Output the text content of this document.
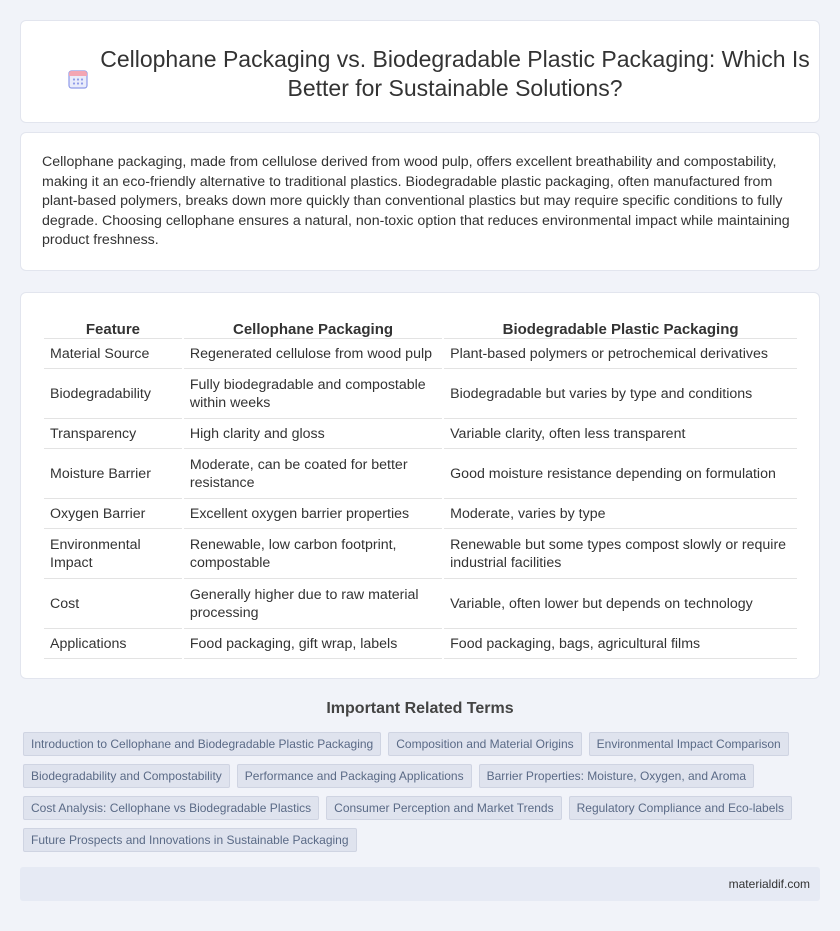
Cellophane Packaging vs. Biodegradable Plastic Packaging: Which Is Better for Sustainable Solutions?

Cellophane packaging, made from cellulose derived from wood pulp, offers excellent breathability and compostability, making it an eco-friendly alternative to traditional plastics. Biodegradable plastic packaging, often manufactured from plant-based polymers, breaks down more quickly than conventional plastics but may require specific conditions to fully degrade. Choosing cellophane ensures a natural, non-toxic option that reduces environmental impact while maintaining product freshness.

Feature	Cellophane Packaging	Biodegradable Plastic Packaging
Material Source	Regenerated cellulose from wood pulp	Plant-based polymers or petrochemical derivatives
Biodegradability	Fully biodegradable and compostable within weeks	Biodegradable but varies by type and conditions
Transparency	High clarity and gloss	Variable clarity, often less transparent
Moisture Barrier	Moderate, can be coated for better resistance	Good moisture resistance depending on formulation
Oxygen Barrier	Excellent oxygen barrier properties	Moderate, varies by type
Environmental Impact	Renewable, low carbon footprint, compostable	Renewable but some types compost slowly or require industrial facilities
Cost	Generally higher due to raw material processing	Variable, often lower but depends on technology
Applications	Food packaging, gift wrap, labels	Food packaging, bags, agricultural films
Important Related Terms
Introduction to Cellophane and Biodegradable Plastic Packaging	Composition and Material Origins	Environmental Impact Comparison
Biodegradability and Compostability	Performance and Packaging Applications	Barrier Properties: Moisture, Oxygen, and Aroma
Cost Analysis: Cellophane vs Biodegradable Plastics	Consumer Perception and Market Trends	Regulatory Compliance and Eco-labels
Future Prospects and Innovations in Sustainable Packaging
materialdif.com
